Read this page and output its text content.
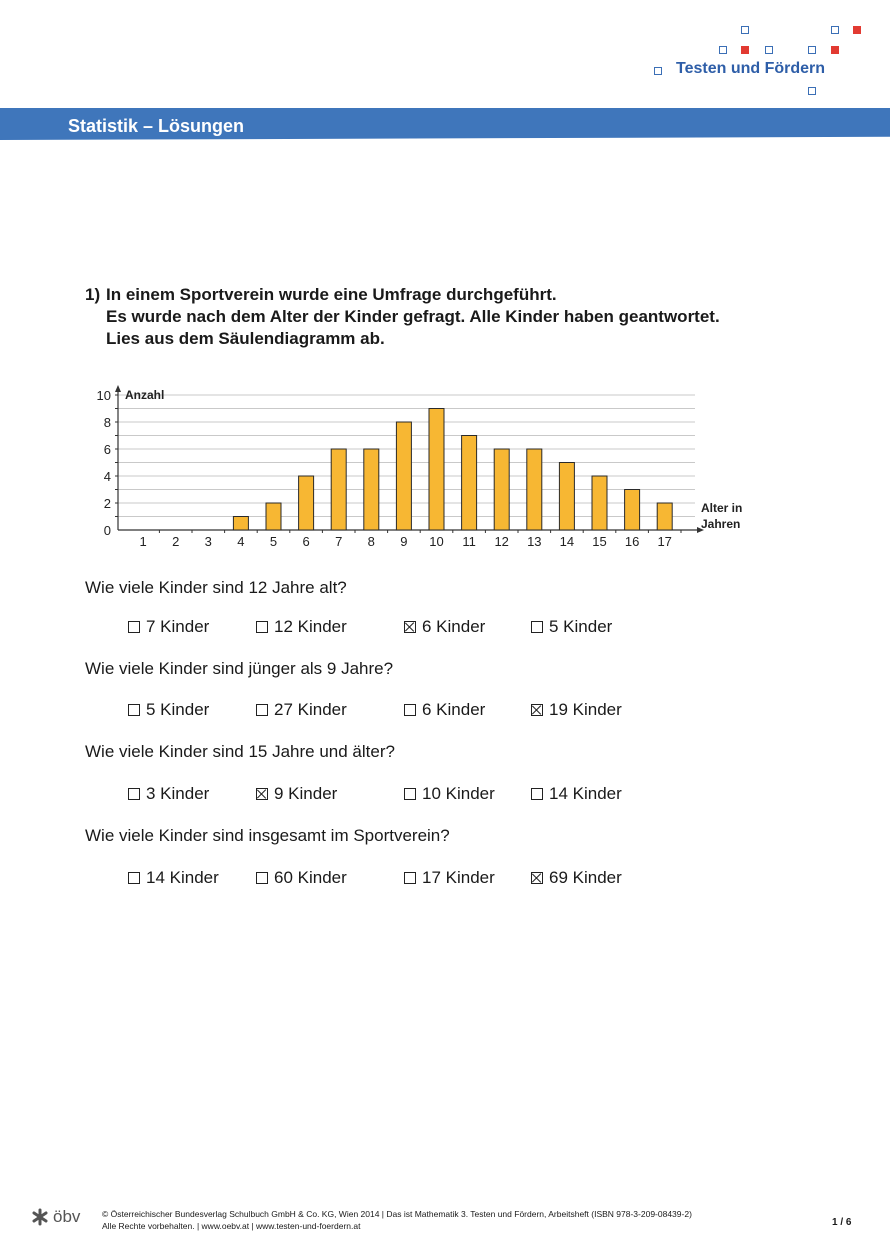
Testen und Fördern
Statistik – Lösungen
1) In einem Sportverein wurde eine Umfrage durchgeführt.
Es wurde nach dem Alter der Kinder gefragt. Alle Kinder haben geantwortet.
Lies aus dem Säulendiagramm ab.
0
2
4
6
8
10 Anzahl
1 2 3 4 5 6 7 8 9 10 11 12 13 14 15 16 17
Alter in
Jahren
Wie viele Kinder sind 12 Jahre alt?
7 Kinder	12 Kinder	6 Kinder	5 Kinder
Wie viele Kinder sind jünger als 9 Jahre?
5 Kinder	27 Kinder	6 Kinder	19 Kinder
Wie viele Kinder sind 15 Jahre und älter?
3 Kinder	9 Kinder	10 Kinder	14 Kinder
Wie viele Kinder sind insgesamt im Sportverein?
14 Kinder	60 Kinder	17 Kinder	69 Kinder
öbv	© Österreichischer Bundesverlag Schulbuch GmbH & Co. KG, Wien 2014 | Das ist Mathematik 3. Testen und Fördern, Arbeitsheft (ISBN 978-3-209-08439-2)
Alle Rechte vorbehalten. | www.oebv.at | www.testen-und-foerdern.at	1 / 6
